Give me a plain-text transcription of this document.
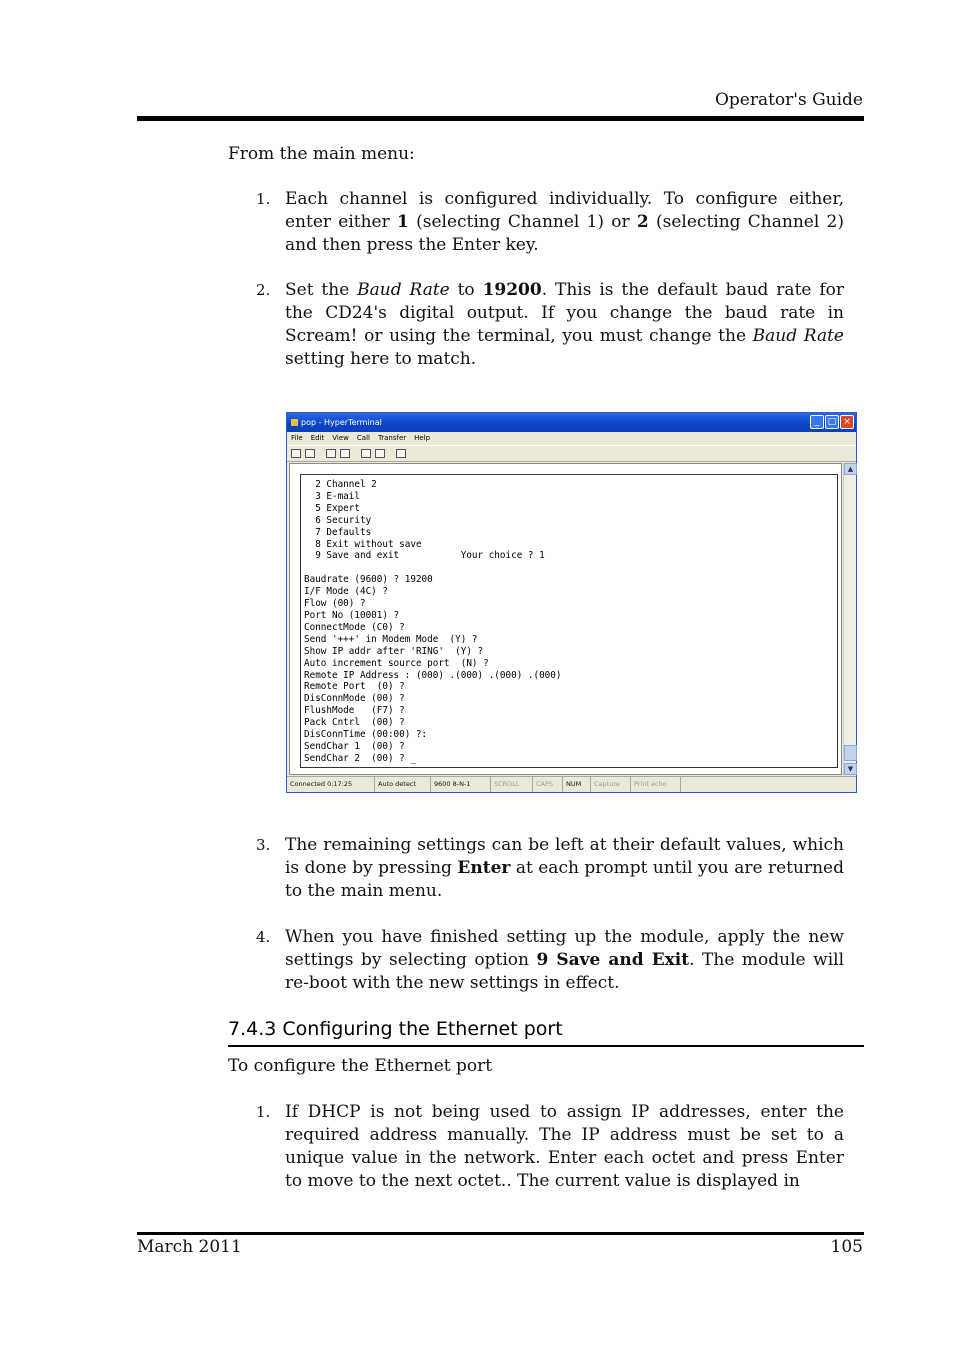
Operator's Guide
From the main menu:
1. Each channel is configured individually. To configure either, enter either 1 (selecting Channel 1) or 2 (selecting Channel 2) and then press the Enter key.
2. Set the Baud Rate to 19200. This is the default baud rate for the CD24's digital output. If you change the baud rate in Scream! or using the terminal, you must change the Baud Rate setting here to match.
pop - HyperTerminal	_ □ ×
File Edit View Call Transfer Help
2 Channel 2
3 E-mail
5 Expert
6 Security
7 Defaults
8 Exit without save
9 Save and exit           Your choice ? 1

Baudrate (9600) ? 19200
I/F Mode (4C) ?
Flow (00) ?
Port No (10001) ?
ConnectMode (C0) ?
Send '+++' in Modem Mode  (Y) ?
Show IP addr after 'RING'  (Y) ?
Auto increment source port  (N) ?
Remote IP Address : (000) .(000) .(000) .(000)
Remote Port  (0) ?
DisConnMode (00) ?
FlushMode   (F7) ?
Pack Cntrl  (00) ?
DisConnTime (00:00) ?:
SendChar 1  (00) ?
SendChar 2  (00) ? _
▲
▼
Connected 0:17:25	Auto detect	9600 8-N-1	SCROLL	CAPS	NUM	Capture	Print echo
3. The remaining settings can be left at their default values, which is done by pressing Enter at each prompt until you are returned to the main menu.
4. When you have finished setting up the module, apply the new settings by selecting option 9 Save and Exit. The module will re-boot with the new settings in effect.
7.4.3 Configuring the Ethernet port
To configure the Ethernet port
1. If DHCP is not being used to assign IP addresses, enter the required address manually. The IP address must be set to a unique value in the network. Enter each octet and press Enter to move to the next octet.. The current value is displayed in
March 2011	105
